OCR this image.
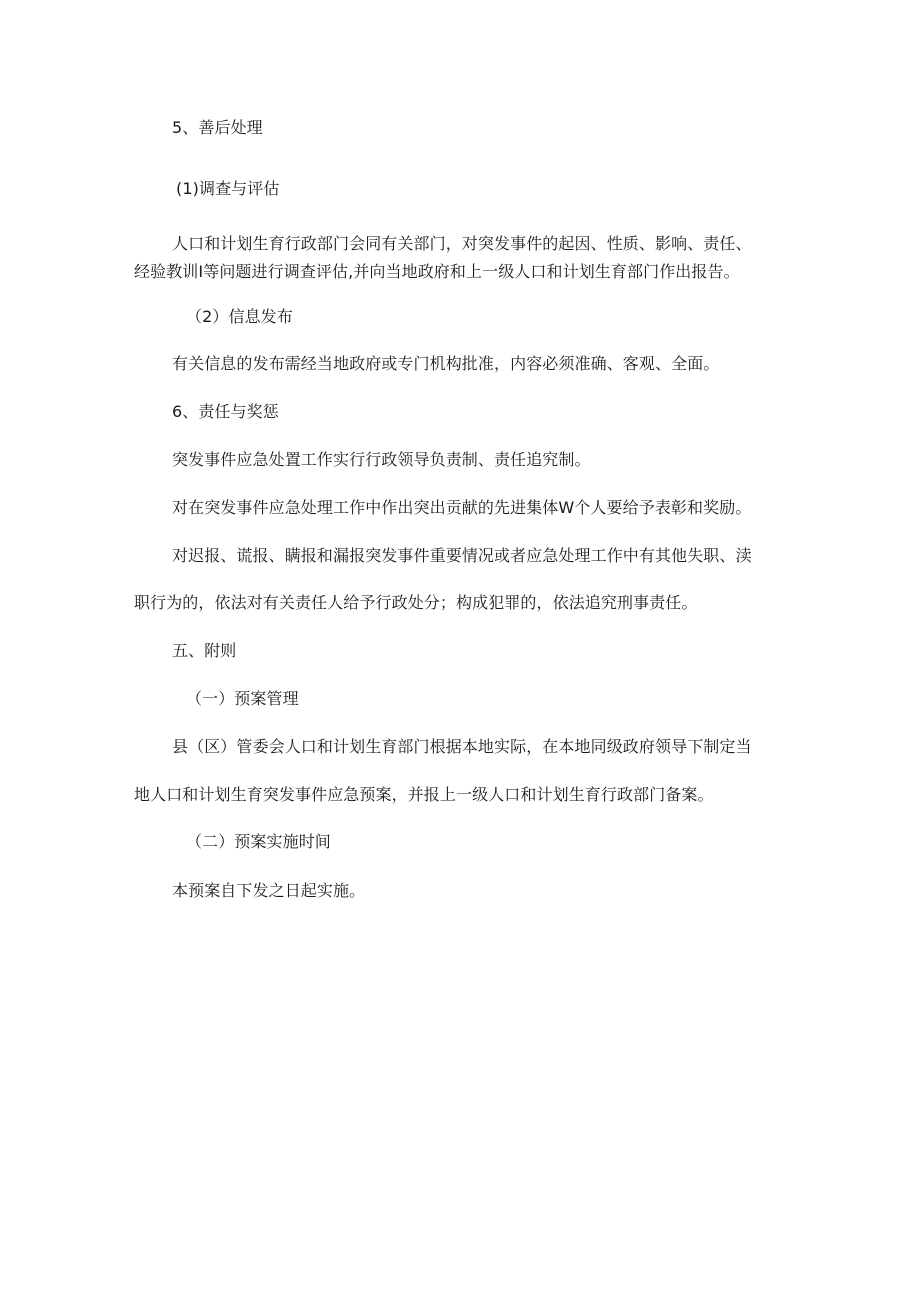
5、善后处理
(1)调查与评估
人口和计划生育行政部门会同有关部门，对突发事件的起因、性质、影响、责任、
经验教训I等问题进行调查评估,并向当地政府和上一级人口和计划生育部门作出报告。
（2）信息发布
有关信息的发布需经当地政府或专门机构批准，内容必须准确、客观、全面。
6、责任与奖惩
突发事件应急处置工作实行行政领导负责制、责任追究制。
对在突发事件应急处理工作中作出突出贡献的先进集体W个人要给予表彰和奖励。
对迟报、谎报、瞒报和漏报突发事件重要情况或者应急处理工作中有其他失职、渎
职行为的，依法对有关责任人给予行政处分；构成犯罪的，依法追究刑事责任。
五、附则
（一）预案管理
县（区）管委会人口和计划生育部门根据本地实际，在本地同级政府领导下制定当
地人口和计划生育突发事件应急预案，并报上一级人口和计划生育行政部门备案。
（二）预案实施时间
本预案自下发之日起实施。
